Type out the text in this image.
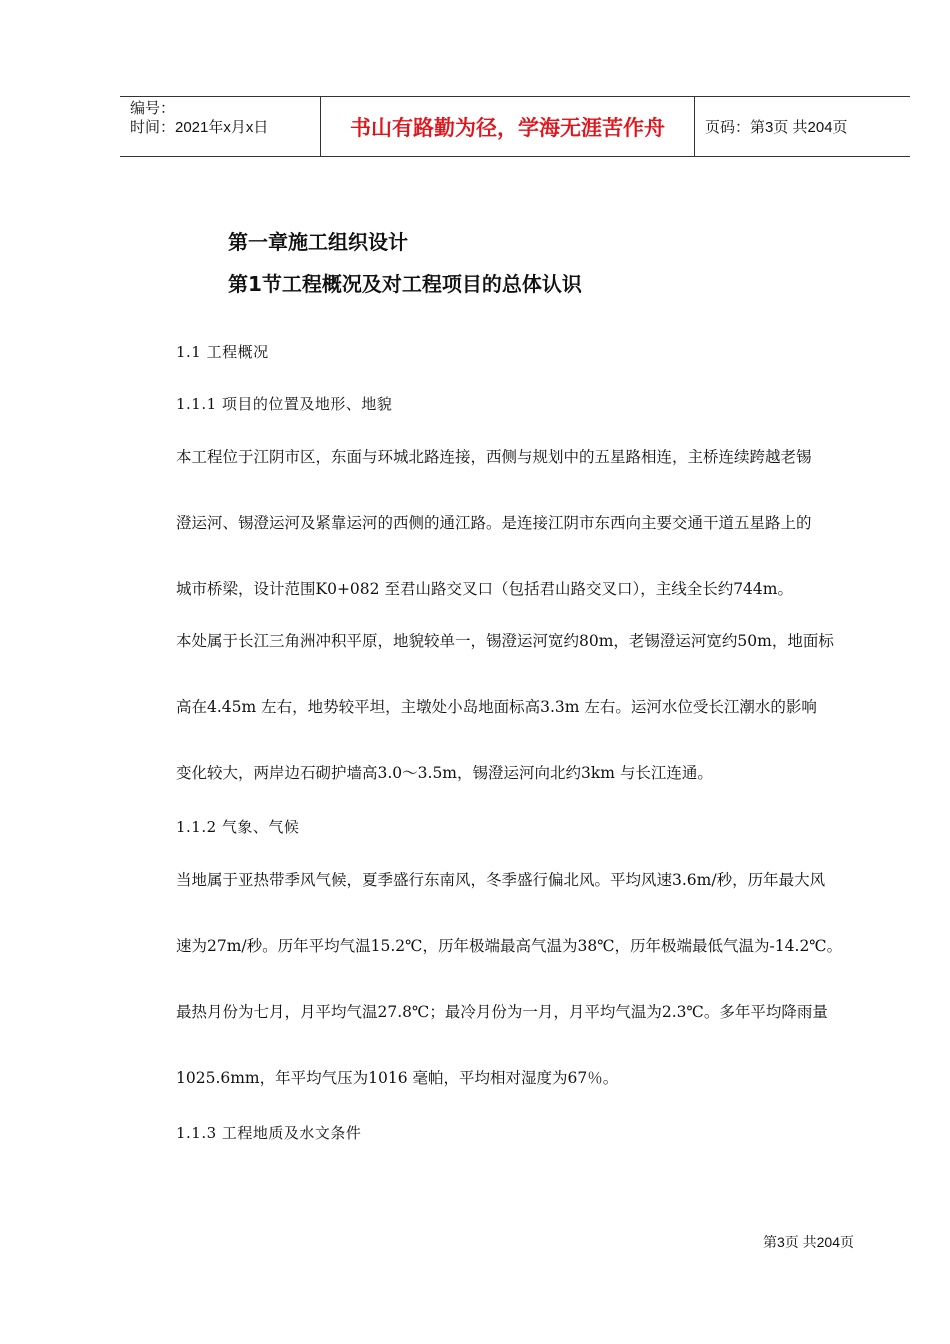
编号：
时间：2021年x月x日	书山有路勤为径，学海无涯苦作舟	页码：第3页 共204页
第一章施工组织设计
第1节工程概况及对工程项目的总体认识
1.1 工程概况
1.1.1 项目的位置及地形、地貌
本工程位于江阴市区，东面与环城北路连接，西侧与规划中的五星路相连，主桥连续跨越老锡
澄运河、锡澄运河及紧靠运河的西侧的通江路。是连接江阴市东西向主要交通干道五星路上的
城市桥梁，设计范围K0+082 至君山路交叉口（包括君山路交叉口），主线全长约744m。
本处属于长江三角洲冲积平原，地貌较单一，锡澄运河宽约80m，老锡澄运河宽约50m，地面标
高在4.45m 左右，地势较平坦，主墩处小岛地面标高3.3m 左右。运河水位受长江潮水的影响
变化较大，两岸边石砌护墙高3.0～3.5m，锡澄运河向北约3km 与长江连通。
1.1.2 气象、气候
当地属于亚热带季风气候，夏季盛行东南风，冬季盛行偏北风。平均风速3.6m/秒，历年最大风
速为27m/秒。历年平均气温15.2℃，历年极端最高气温为38℃，历年极端最低气温为-14.2℃。
最热月份为七月，月平均气温27.8℃；最冷月份为一月，月平均气温为2.3℃。多年平均降雨量
1025.6mm，年平均气压为1016 毫帕，平均相对湿度为67％。
1.1.3 工程地质及水文条件
第3页 共204页
